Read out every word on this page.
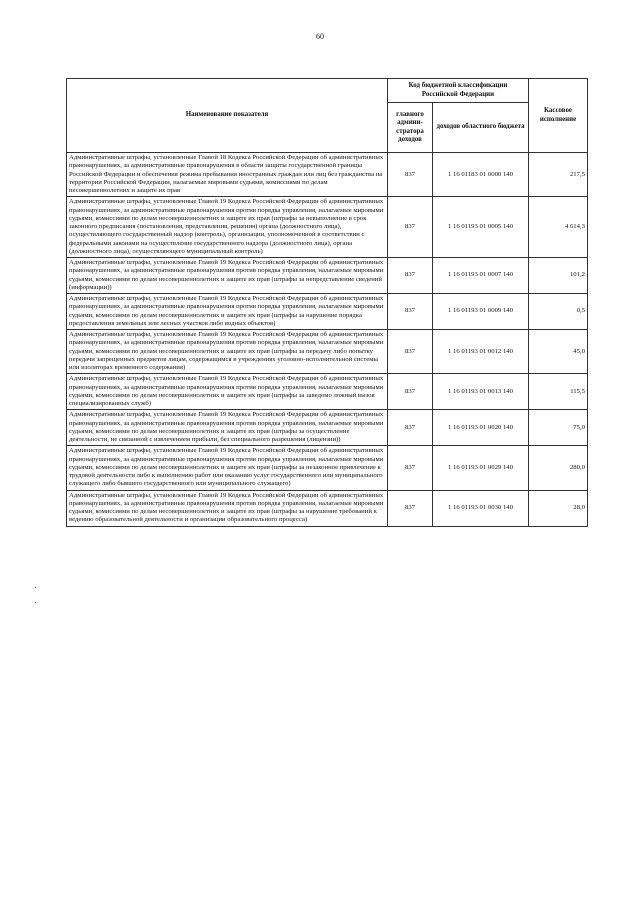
60
Наименование показателя	Код бюджетной классификации Российской Федерации		Кассовое исполнение
	главного админи-стратора доходов	доходов областного бюджета	
Административные штрафы, установленные Главой 18 Кодекса Российской Федерации об административных правонарушениях, за административные правонарушения в области защиты государственной границы Российской Федерации и обеспечения режима пребывания иностранных граждан или лиц без гражданства на территории Российской Федерации, налагаемые мировыми судьями, комиссиями по делам несовершеннолетних и защите их прав	837	1 16 01183 01 0000 140	217,5
Административные штрафы, установленные Главой 19 Кодекса Российской Федерации об административных правонарушениях, за административные правонарушения против порядка управления, налагаемые мировыми судьями, комиссиями по делам несовершеннолетних и защите их прав (штрафы за невыполнение в срок законного предписания (постановления, представления, решения) органа (должностного лица), осуществляющего государственный надзор (контроль), организации, уполномоченной в соответствии с федеральными законами на осуществление государственного надзора (должностного лица), органа (должностного лица), осуществляющего муниципальный контроль)	837	1 16 01193 01 0005 140	4 614,3
Административные штрафы, установленные Главой 19 Кодекса Российской Федерации об административных правонарушениях, за административные правонарушения против порядка управления, налагаемые мировыми судьями, комиссиями по делам несовершеннолетних и защите их прав (штрафы за непредставление сведений (информации))	837	1 16 01193 01 0007 140	101,2
Административные штрафы, установленные Главой 19 Кодекса Российской Федерации об административных правонарушениях, за административные правонарушения против порядка управления, налагаемые мировыми судьями, комиссиями по делам несовершеннолетних и защите их прав (штрафы за нарушение порядка предоставления земельных или лесных участков либо водных объектов)	837	1 16 01193 01 0009 140	0,5
Административные штрафы, установленные Главой 19 Кодекса Российской Федерации об административных правонарушениях, за административные правонарушения против порядка управления, налагаемые мировыми судьями, комиссиями по делам несовершеннолетних и защите их прав (штрафы за передачу либо попытку передачи запрещенных предметов лицам, содержащимся в учреждениях уголовно-исполнительной системы или изоляторах временного содержания)	837	1 16 01193 01 0012 140	45,0
Административные штрафы, установленные Главой 19 Кодекса Российской Федерации об административных правонарушениях, за административные правонарушения против порядка управления, налагаемые мировыми судьями, комиссиями по делам несовершеннолетних и защите их прав (штрафы за заведомо ложный вызов специализированных служб)	837	1 16 01193 01 0013 140	115,5
Административные штрафы, установленные Главой 19 Кодекса Российской Федерации об административных правонарушениях, за административные правонарушения против порядка управления, налагаемые мировыми судьями, комиссиями по делам несовершеннолетних и защите их прав (штрафы за осуществление деятельности, не связанной с извлечением прибыли, без специального разрешения (лицензии))	837	1 16 01193 01 0020 140	75,0
Административные штрафы, установленные Главой 19 Кодекса Российской Федерации об административных правонарушениях, за административные правонарушения против порядка управления, налагаемые мировыми судьями, комиссиями по делам несовершеннолетних и защите их прав (штрафы за незаконное привлечение к трудовой деятельности либо к выполнению работ или оказанию услуг государственного или муниципального служащего либо бывшего государственного или муниципального служащего)	837	1 16 01193 01 0029 140	280,0
Административные штрафы, установленные Главой 19 Кодекса Российской Федерации об административных правонарушениях, за административные правонарушения против порядка управления, налагаемые мировыми судьями, комиссиями по делам несовершеннолетних и защите их прав (штрафы за нарушение требований к ведению образовательной деятельности и организации образовательного процесса)	837	1 16 01193 01 0030 140	28,0
